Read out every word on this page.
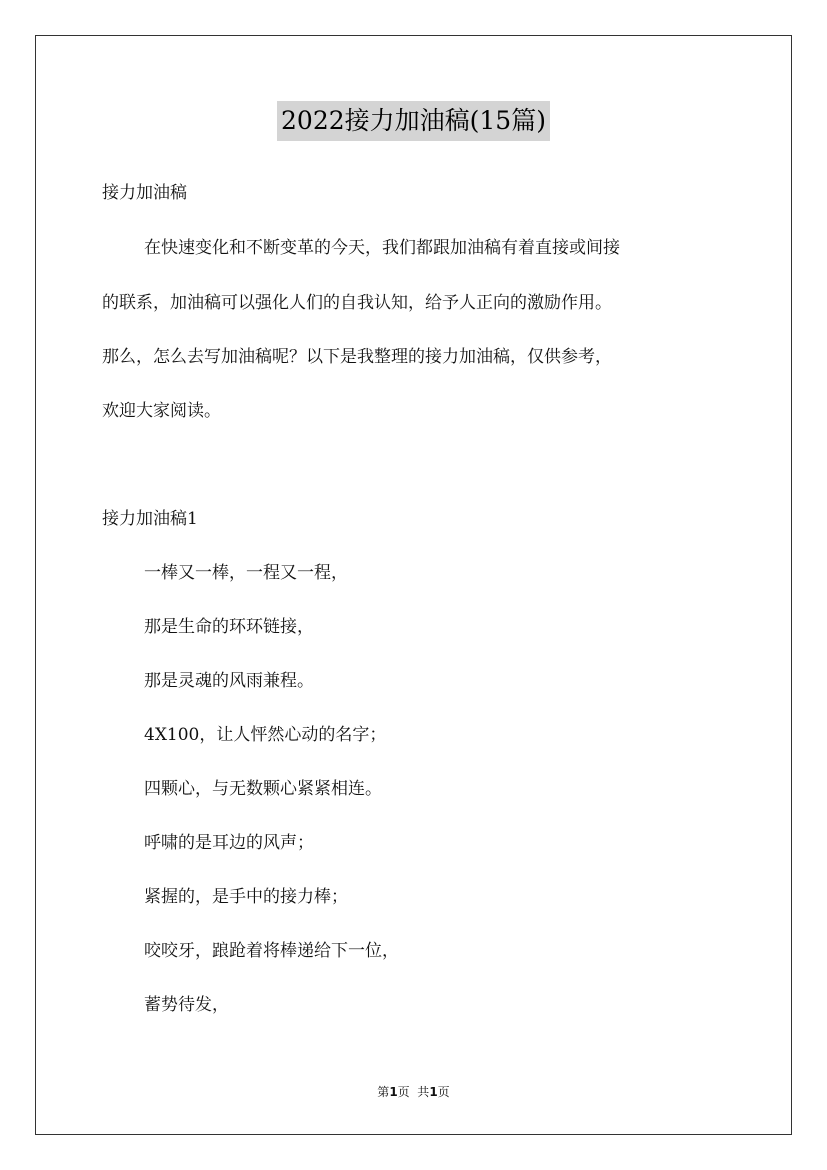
2022接力加油稿(15篇)
接力加油稿
在快速变化和不断变革的今天，我们都跟加油稿有着直接或间接
的联系，加油稿可以强化人们的自我认知，给予人正向的激励作用。
那么，怎么去写加油稿呢？以下是我整理的接力加油稿，仅供参考，
欢迎大家阅读。
接力加油稿1
一棒又一棒，一程又一程，
那是生命的环环链接，
那是灵魂的风雨兼程。
4X100，让人怦然心动的名字；
四颗心，与无数颗心紧紧相连。
呼啸的是耳边的风声；
紧握的，是手中的接力棒；
咬咬牙，踉跄着将棒递给下一位，
蓄势待发，
第1页  共1页
